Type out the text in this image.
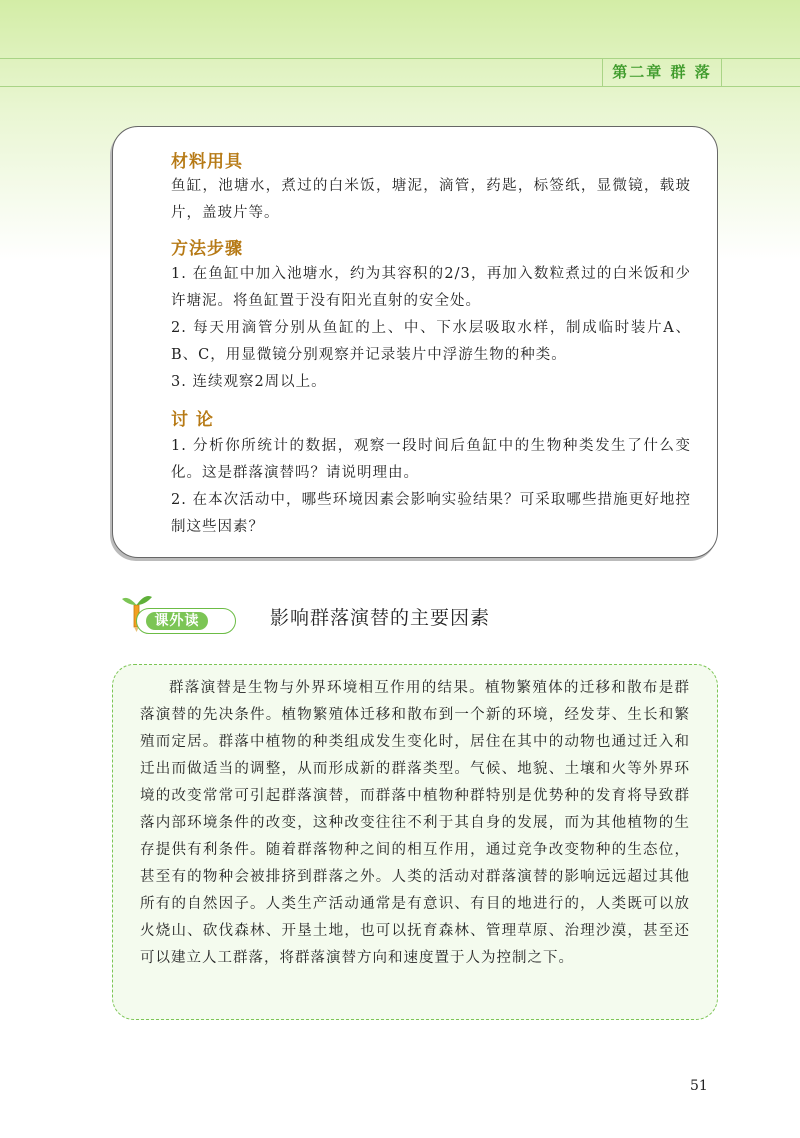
第二章 群 落
材料用具
鱼缸，池塘水，煮过的白米饭，塘泥，滴管，药匙，标签纸，显微镜，载玻片，盖玻片等。
方法步骤
1. 在鱼缸中加入池塘水，约为其容积的2/3，再加入数粒煮过的白米饭和少许塘泥。将鱼缸置于没有阳光直射的安全处。
2. 每天用滴管分别从鱼缸的上、中、下水层吸取水样，制成临时装片A、B、C，用显微镜分别观察并记录装片中浮游生物的种类。
3. 连续观察2周以上。
讨 论
1. 分析你所统计的数据，观察一段时间后鱼缸中的生物种类发生了什么变化。这是群落演替吗？请说明理由。
2. 在本次活动中，哪些环境因素会影响实验结果？可采取哪些措施更好地控制这些因素？
课外读	影响群落演替的主要因素
群落演替是生物与外界环境相互作用的结果。植物繁殖体的迁移和散布是群落演替的先决条件。植物繁殖体迁移和散布到一个新的环境，经发芽、生长和繁殖而定居。群落中植物的种类组成发生变化时，居住在其中的动物也通过迁入和迁出而做适当的调整，从而形成新的群落类型。气候、地貌、土壤和火等外界环境的改变常常可引起群落演替，而群落中植物种群特别是优势种的发育将导致群落内部环境条件的改变，这种改变往往不利于其自身的发展，而为其他植物的生存提供有利条件。随着群落物种之间的相互作用，通过竞争改变物种的生态位，甚至有的物种会被排挤到群落之外。人类的活动对群落演替的影响远远超过其他所有的自然因子。人类生产活动通常是有意识、有目的地进行的，人类既可以放火烧山、砍伐森林、开垦土地，也可以抚育森林、管理草原、治理沙漠，甚至还可以建立人工群落，将群落演替方向和速度置于人为控制之下。
51
